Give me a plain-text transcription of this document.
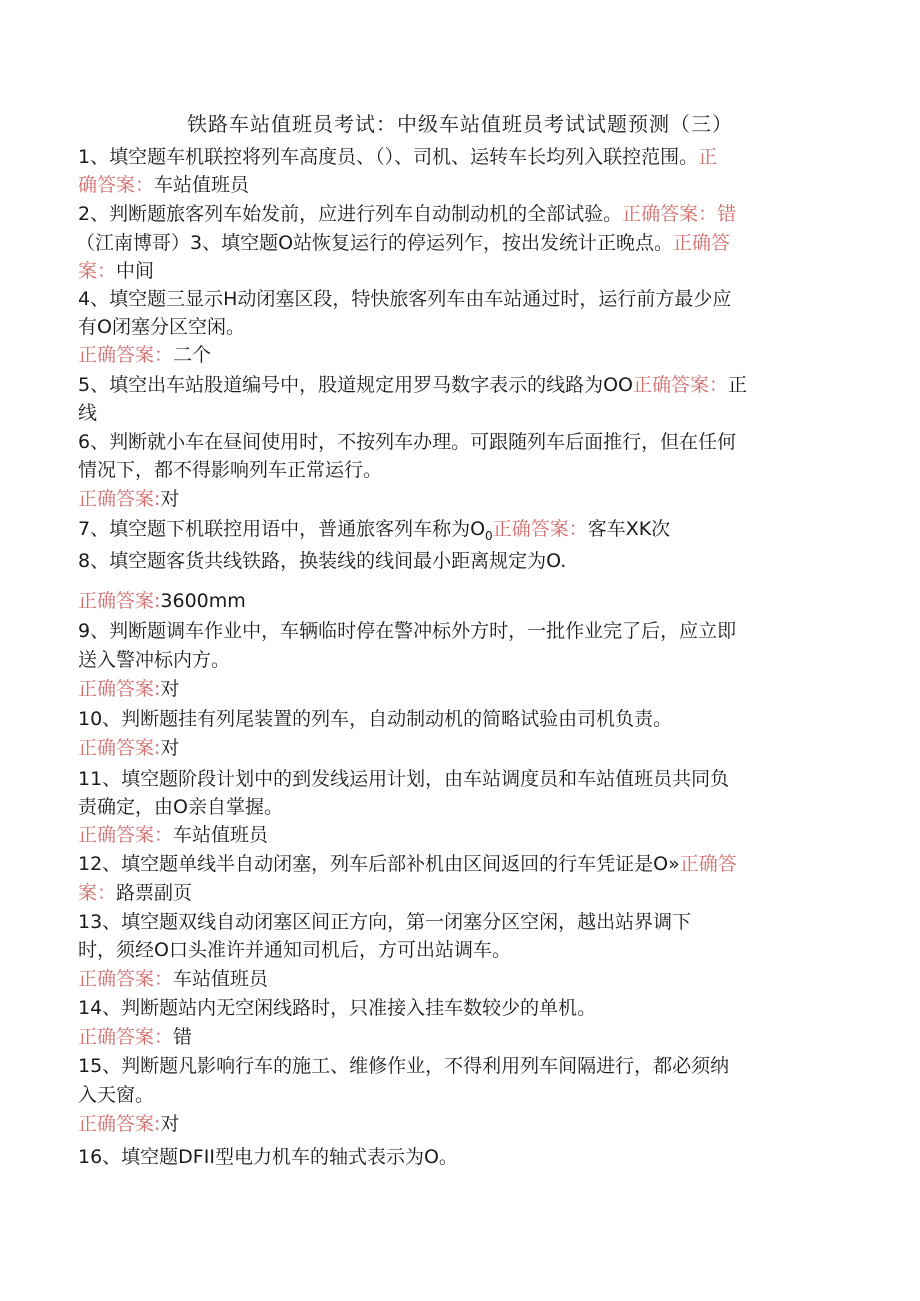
铁路车站值班员考试：中级车站值班员考试试题预测（三）
1、填空题车机联控将列车高度员、（）、司机、运转车长均列入联控范围。正
确答案：车站值班员
2、判断题旅客列车始发前，应进行列车自动制动机的全部试验。正确答案：错
（江南博哥）3、填空题O站恢复运行的停运列乍，按出发统计正晚点。正确答
案：中间
4、填空题三显示H动闭塞区段，特快旅客列车由车站通过时，运行前方最少应
有O闭塞分区空闲。
正确答案：二个
5、填空出车站股道编号中，股道规定用罗马数字表示的线路为OO正确答案：正
线
6、判断就小车在昼间使用时，不按列车办理。可跟随列车后面推行，但在任何
情况下，都不得影响列车正常运行。
正确答案:对
7、填空题下机联控用语中，普通旅客列车称为$O_0$正确答案：客车XK次
8、填空题客货共线铁路，换装线的线间最小距离规定为O.
正确答案:3600mm
9、判断题调车作业中，车辆临时停在警冲标外方时，一批作业完了后，应立即
送入警冲标内方。
正确答案:对
10、判断题挂有列尾装置的列车，自动制动机的简略试验由司机负责。
正确答案:对
11、填空题阶段计划中的到发线运用计划，由车站调度员和车站值班员共同负
责确定，由O亲自掌握。
正确答案：车站值班员
12、填空题单线半自动闭塞，列车后部补机由区间返回的行车凭证是O»正确答
案：路票副页
13、填空题双线自动闭塞区间正方向，第一闭塞分区空闲，越出站界调下
时，须经O口头准许并通知司机后，方可出站调车。
正确答案：车站值班员
14、判断题站内无空闲线路时，只准接入挂车数较少的单机。
正确答案：错
15、判断题凡影响行车的施工、维修作业，不得利用列车间隔进行，都必须纳
入天窗。
正确答案:对
16、填空题DFII型电力机车的轴式表示为O。
